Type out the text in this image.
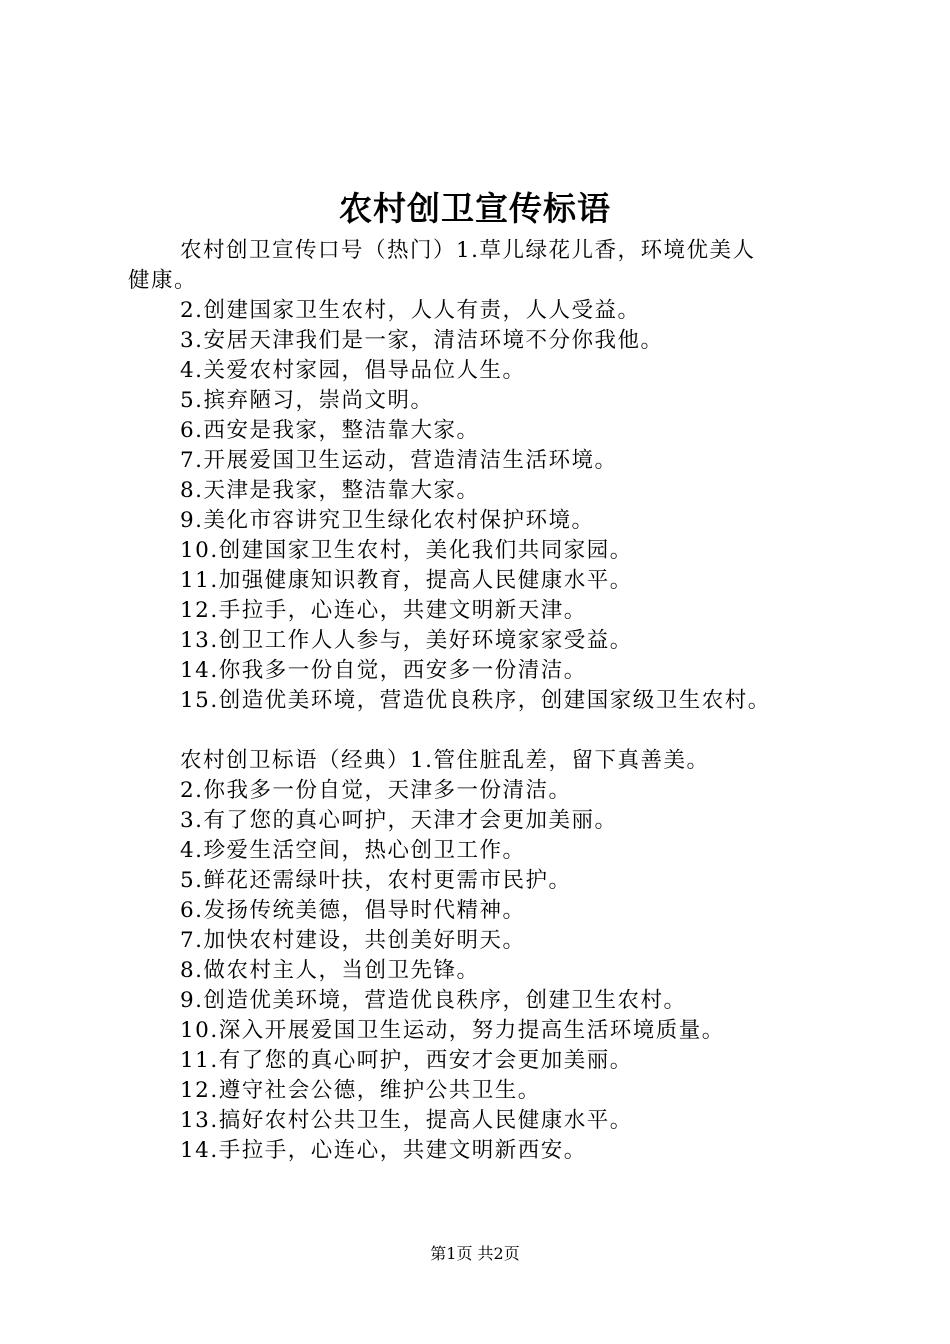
农村创卫宣传标语
农村创卫宣传口号（热门）1.草儿绿花儿香，环境优美人
健康。
2.创建国家卫生农村，人人有责，人人受益。
3.安居天津我们是一家，清洁环境不分你我他。
4.关爱农村家园，倡导品位人生。
5.摈弃陋习，崇尚文明。
6.西安是我家，整洁靠大家。
7.开展爱国卫生运动，营造清洁生活环境。
8.天津是我家，整洁靠大家。
9.美化市容讲究卫生绿化农村保护环境。
10.创建国家卫生农村，美化我们共同家园。
11.加强健康知识教育，提高人民健康水平。
12.手拉手，心连心，共建文明新天津。
13.创卫工作人人参与，美好环境家家受益。
14.你我多一份自觉，西安多一份清洁。
15.创造优美环境，营造优良秩序，创建国家级卫生农村。
农村创卫标语（经典）1.管住脏乱差，留下真善美。
2.你我多一份自觉，天津多一份清洁。
3.有了您的真心呵护，天津才会更加美丽。
4.珍爱生活空间，热心创卫工作。
5.鲜花还需绿叶扶，农村更需市民护。
6.发扬传统美德，倡导时代精神。
7.加快农村建设，共创美好明天。
8.做农村主人，当创卫先锋。
9.创造优美环境，营造优良秩序，创建卫生农村。
10.深入开展爱国卫生运动，努力提高生活环境质量。
11.有了您的真心呵护，西安才会更加美丽。
12.遵守社会公德，维护公共卫生。
13.搞好农村公共卫生，提高人民健康水平。
14.手拉手，心连心，共建文明新西安。
第1页 共2页
